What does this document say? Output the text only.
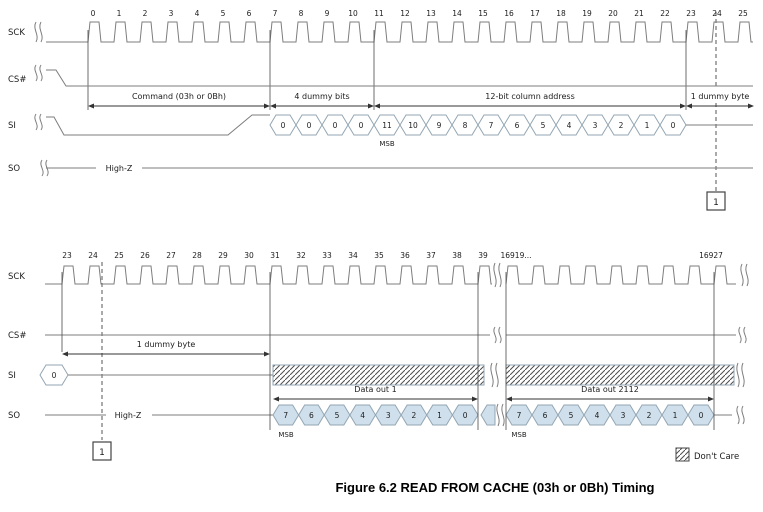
SCK
CS#
SI
SO
0	1	2	3	4	5	6	7	8	9	10 11 12 13 14 15 16 17 18 19 20 21 22 23 24 25
Command (03h or 0Bh)	4 dummy bits	12-bit column address	1 dummy byte
0	0	0	0	11 10	9	8	7	6	5	4	3	2	1	0
MSB
High-Z
1
SCK
CS#
SI
SO
23 24 25 26 27 28 29 30 31 32 33 34 35 36 37 38 39 16919...	16927
1 dummy byte
0
Data out 1	Data out 2112
High-Z	7	6	5	4	3	2	1	0	7	6	5	4	3	2	1	0
MSB	MSB
1	Don't Care
Figure 6.2 READ FROM CACHE (03h or 0Bh) Timing
